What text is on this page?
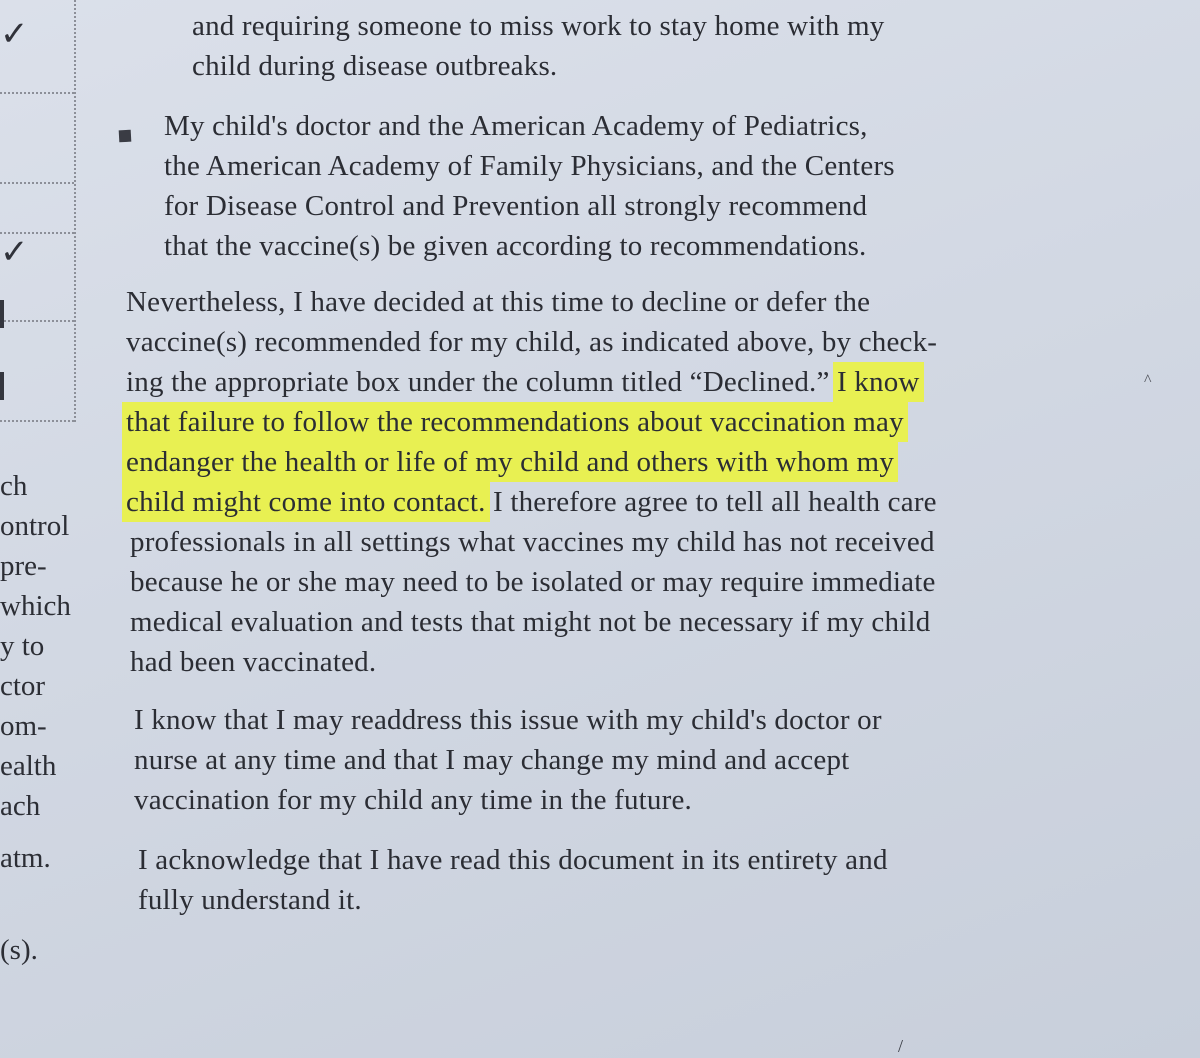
✓
✓
ch
ontrol
pre-
which
y to
ctor
om-
ealth
ach
atm.
(s).
and requiring someone to miss work to stay home with my
child during disease outbreaks.
My child's doctor and the American Academy of Pediatrics,
the American Academy of Family Physicians, and the Centers
for Disease Control and Prevention all strongly recommend
that the vaccine(s) be given according to recommendations.
Nevertheless, I have decided at this time to decline or defer the
vaccine(s) recommended for my child, as indicated above, by check-
ing the appropriate box under the column titled “Declined.” I know
that failure to follow the recommendations about vaccination may
endanger the health or life of my child and others with whom my
child might come into contact. I therefore agree to tell all health care
professionals in all settings what vaccines my child has not received
because he or she may need to be isolated or may require immediate
medical evaluation and tests that might not be necessary if my child
had been vaccinated.
I know that I may readdress this issue with my child's doctor or
nurse at any time and that I may change my mind and accept
vaccination for my child any time in the future.
I acknowledge that I have read this document in its entirety and
fully understand it.
^
/
